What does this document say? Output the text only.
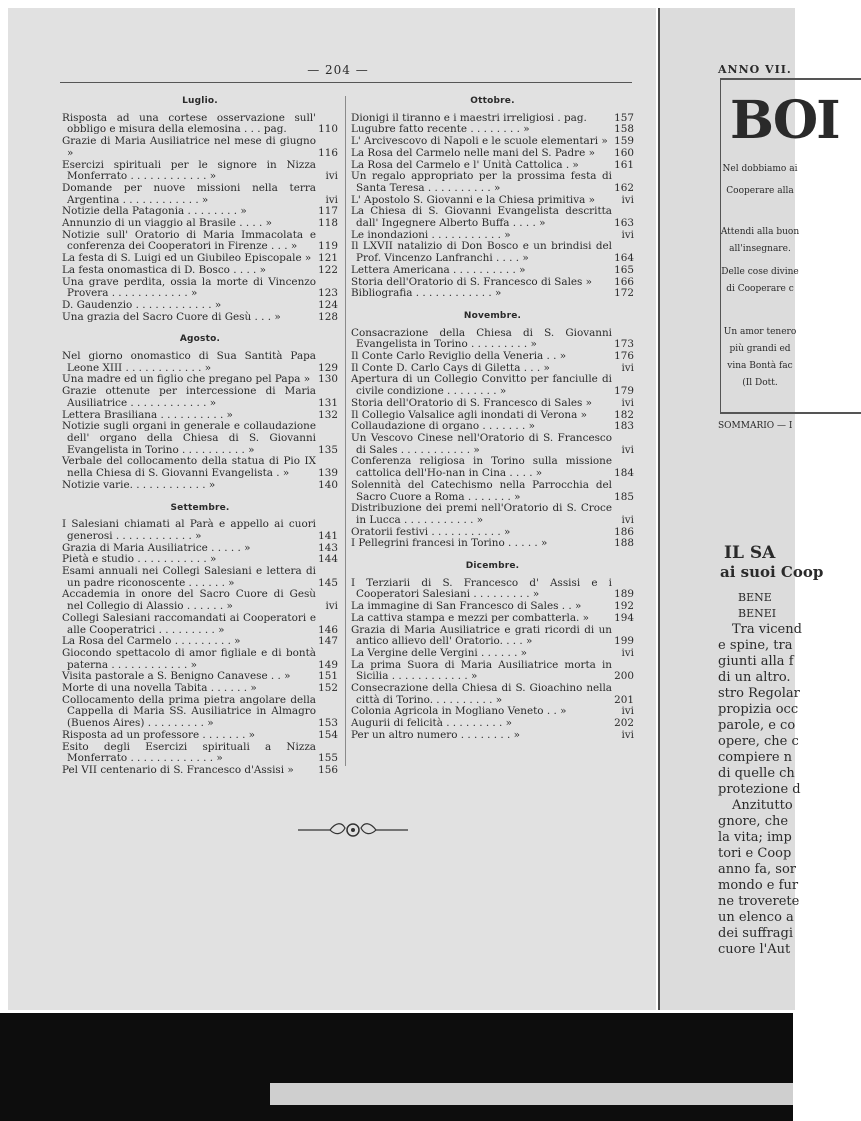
— 204 —
Luglio.
Risposta ad una cortese osservazione sull' obbligo e misura della elemosina . . . pag.	110
Grazie di Maria Ausiliatrice nel mese di giugno »	116
Esercizi spirituali per le signore in Nizza Monferrato . . . . . . . . . . . . »	ivi
Domande per nuove missioni nella terra Argentina . . . . . . . . . . . . »	ivi
Notizie della Patagonia . . . . . . . . »	117
Annunzio di un viaggio al Brasile . . . . »	118
Notizie sull' Oratorio di Maria Immacolata e conferenza dei Cooperatori in Firenze . . . »	119
La festa di S. Luigi ed un Giubileo Episcopale » 121
La festa onomastica di D. Bosco . . . . »	122
Una grave perdita, ossia la morte di Vincenzo Provera . . . . . . . . . . . . »	123
D. Gaudenzio . . . . . . . . . . . . »	124
Una grazia del Sacro Cuore di Gesù . . . »	128
Agosto.
Nel giorno onomastico di Sua Santità Papa Leone XIII . . . . . . . . . . . . »	129
Una madre ed un figlio che pregano pel Papa » 130
Grazie ottenute per intercessione di Maria Ausiliatrice . . . . . . . . . . . . »	131
Lettera Brasiliana . . . . . . . . . . »	132
Notizie sugli organi in generale e collaudazione dell' organo della Chiesa di S. Giovanni Evangelista in Torino . . . . . . . . . . »	135
Verbale del collocamento della statua di Pio IX nella Chiesa di S. Giovanni Evangelista . »	139
Notizie varie. . . . . . . . . . . . »	140
Settembre.
I Salesiani chiamati al Parà e appello ai cuori generosi . . . . . . . . . . . . »	141
Grazia di Maria Ausiliatrice . . . . . »	143
Pietà e studio . . . . . . . . . . . »	144
Esami annuali nei Collegi Salesiani e lettera di un padre riconoscente . . . . . . »	145
Accademia in onore del Sacro Cuore di Gesù nel Collegio di Alassio . . . . . . »	ivi
Collegi Salesiani raccomandati ai Cooperatori e alle Cooperatrici . . . . . . . . . »	146
La Rosa del Carmelo . . . . . . . . . »	147
Giocondo spettacolo di amor figliale e di bontà paterna . . . . . . . . . . . . »	149
Visita pastorale a S. Benigno Canavese . . »	151
Morte di una novella Tabita . . . . . . »	152
Collocamento della prima pietra angolare della Cappella di Maria SS. Ausiliatrice in Almagro (Buenos Aires) . . . . . . . . . »	153
Risposta ad un professore . . . . . . . »	154
Esito degli Esercizi spirituali a Nizza Monferrato . . . . . . . . . . . . . »	155
Pel VII centenario di S. Francesco d'Assisi »	156
Ottobre.
Dionigi il tiranno e i maestri irreligiosi . pag.	157
Lugubre fatto recente . . . . . . . . »	158
L' Arcivescovo di Napoli e le scuole elementari » 159
La Rosa del Carmelo nelle mani del S. Padre »	160
La Rosa del Carmelo e l' Unità Cattolica . »	161
Un regalo appropriato per la prossima festa di Santa Teresa . . . . . . . . . . »	162
L' Apostolo S. Giovanni e la Chiesa primitiva »	ivi
La Chiesa di S. Giovanni Evangelista descritta dall' Ingegnere Alberto Buffa . . . . »	163
Le inondazioni . . . . . . . . . . . »	ivi
Il LXVII natalizio di Don Bosco e un brindisi del Prof. Vincenzo Lanfranchi . . . . »	164
Lettera Americana . . . . . . . . . . »	165
Storia dell'Oratorio di S. Francesco di Sales »	166
Bibliografia . . . . . . . . . . . . »	172
Novembre.
Consacrazione della Chiesa di S. Giovanni Evangelista in Torino . . . . . . . . . »	173
Il Conte Carlo Reviglio della Veneria . . »	176
Il Conte D. Carlo Cays di Giletta . . . »	ivi
Apertura di un Collegio Convitto per fanciulle di civile condizione . . . . . . . . »	179
Storia dell'Oratorio di S. Francesco di Sales »	ivi
Il Collegio Valsalice agli inondati di Verona »	182
Collaudazione di organo . . . . . . . »	183
Un Vescovo Cinese nell'Oratorio di S. Francesco di Sales . . . . . . . . . . . »	ivi
Conferenza religiosa in Torino sulla missione cattolica dell'Ho-nan in Cina . . . . »	184
Solennità del Catechismo nella Parrocchia del Sacro Cuore a Roma . . . . . . . »	185
Distribuzione dei premi nell'Oratorio di S. Croce in Lucca . . . . . . . . . . . »	ivi
Oratorii festivi . . . . . . . . . . . »	186
I Pellegrini francesi in Torino . . . . . »	188
Dicembre.
I Terziarii di S. Francesco d' Assisi e i Cooperatori Salesiani . . . . . . . . . »	189
La immagine di San Francesco di Sales . . »	192
La cattiva stampa e mezzi per combatterla. »	194
Grazia di Maria Ausiliatrice e grati ricordi di un antico allievo dell' Oratorio. . . . »	199
La Vergine delle Vergini . . . . . . »	ivi
La prima Suora di Maria Ausiliatrice morta in Sicilia . . . . . . . . . . . . »	200
Consecrazione della Chiesa di S. Gioachino nella città di Torino. . . . . . . . . . »	201
Colonia Agricola in Mogliano Veneto . . »	ivi
Augurii di felicità . . . . . . . . . »	202
Per un altro numero . . . . . . . . »	ivi
ANNO VII.
BOI
Nel dobbiamo ai
Cooperare alla
Attendi alla buon
all'insegnare.
Delle cose divine
di Cooperare c
Un amor tenero
più grandi ed
vina Bontà fac
(Il Dott.
SOMMARIO — I
IL SA
ai suoi Coop
BENE
BENEI
Tra vicend
e spine, tra
giunti alla f
di un altro.
stro Regolar
propizia occ
parole, e co
opere, che c
compiere n
di quelle ch
protezione d
Anzitutto
gnore, che
la vita; imp
tori e Coop
anno fa, sor
mondo e fur
ne troverete
un elenco a
dei suffragi
cuore l'Aut
